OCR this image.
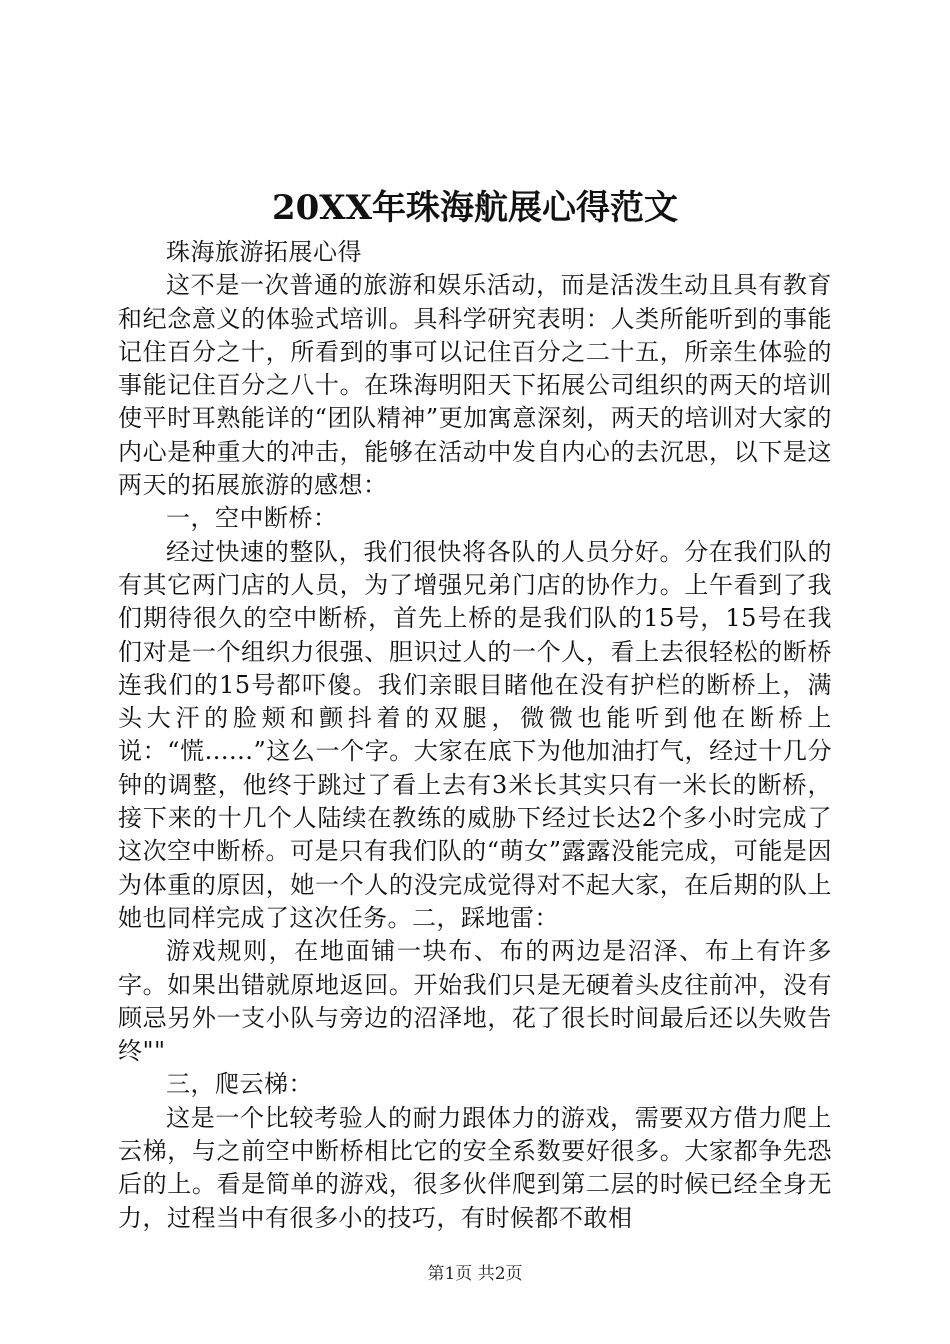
20XX年珠海航展心得范文

珠海旅游拓展心得

这不是一次普通的旅游和娱乐活动，而是活泼生动且具有教育和纪念意义的体验式培训。具科学研究表明：人类所能听到的事能记住百分之十，所看到的事可以记住百分之二十五，所亲生体验的事能记住百分之八十。在珠海明阳天下拓展公司组织的两天的培训使平时耳熟能详的“团队精神”更加寓意深刻，两天的培训对大家的内心是种重大的冲击，能够在活动中发自内心的去沉思，以下是这两天的拓展旅游的感想：

一，空中断桥：

经过快速的整队，我们很快将各队的人员分好。分在我们队的有其它两门店的人员，为了增强兄弟门店的协作力。上午看到了我们期待很久的空中断桥，首先上桥的是我们队的15号，15号在我们对是一个组织力很强、胆识过人的一个人，看上去很轻松的断桥连我们的15号都吓傻。我们亲眼目睹他在没有护栏的断桥上，满头大汗的脸颊和颤抖着的双腿，微微也能听到他在断桥上说：“慌......”这么一个字。大家在底下为他加油打气，经过十几分钟的调整，他终于跳过了看上去有3米长其实只有一米长的断桥，接下来的十几个人陆续在教练的威胁下经过长达2个多小时完成了这次空中断桥。可是只有我们队的“萌女”露露没能完成，可能是因为体重的原因，她一个人的没完成觉得对不起大家，在后期的队上她也同样完成了这次任务。二，踩地雷：

游戏规则，在地面铺一块布、布的两边是沼泽、布上有许多字。如果出错就原地返回。开始我们只是无硬着头皮往前冲，没有顾忌另外一支小队与旁边的沼泽地，花了很长时间最后还以失败告终""

三，爬云梯：

这是一个比较考验人的耐力跟体力的游戏，需要双方借力爬上云梯，与之前空中断桥相比它的安全系数要好很多。大家都争先恐后的上。看是简单的游戏，很多伙伴爬到第二层的时候已经全身无力，过程当中有很多小的技巧，有时候都不敢相

第1页 共2页
